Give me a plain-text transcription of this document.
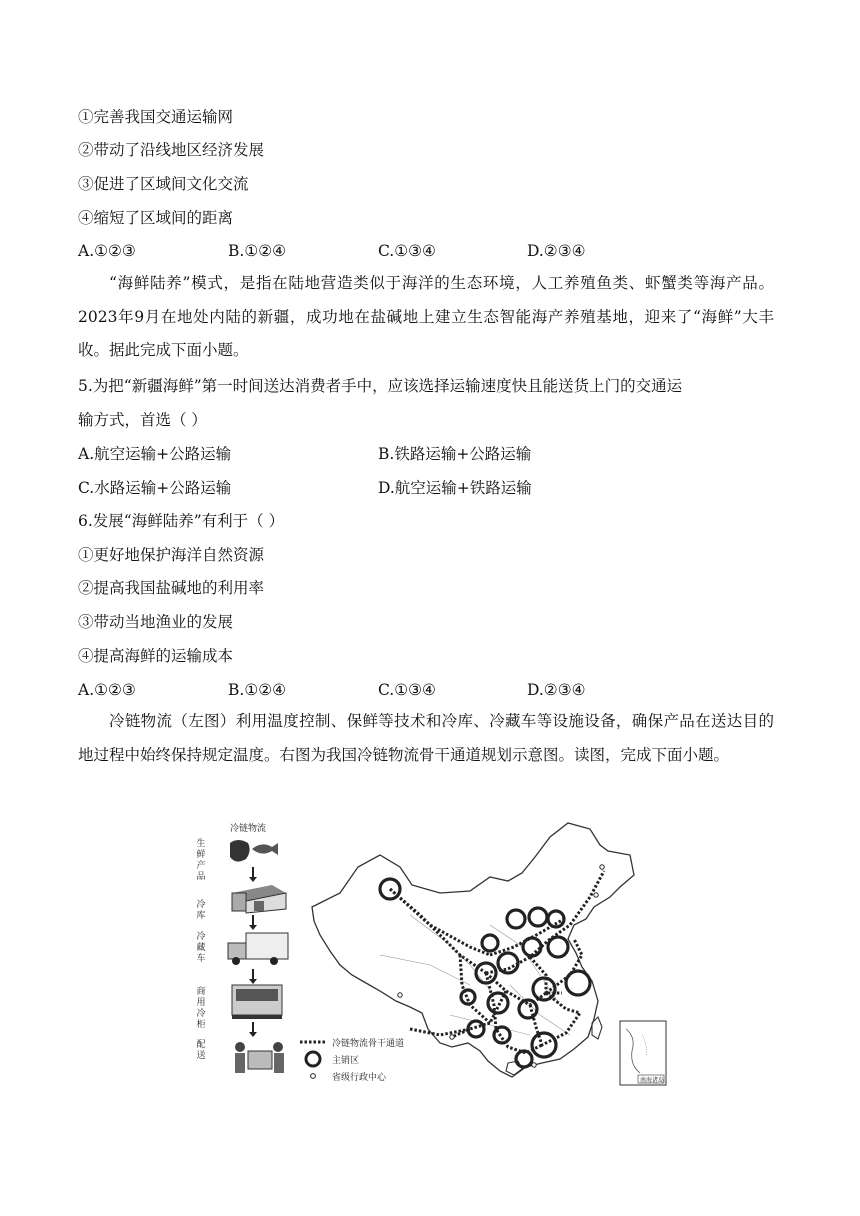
①完善我国交通运输网
②带动了沿线地区经济发展
③促进了区域间文化交流
④缩短了区域间的距离
A.①②③	B.①②④	C.①③④	D.②③④

“海鲜陆养”模式，是指在陆地营造类似于海洋的生态环境，人工养殖鱼类、虾蟹类等海产品。2023年9月在地处内陆的新疆，成功地在盐碱地上建立生态智能海产养殖基地，迎来了“海鲜”大丰收。据此完成下面小题。

5.为把“新疆海鲜”第一时间送达消费者手中，应该选择运输速度快且能送货上门的交通运
输方式，首选（ ）
A.航空运输+公路运输	B.铁路运输+公路运输
C.水路运输+公路运输	D.航空运输+铁路运输
6.发展“海鲜陆养”有利于（ ）
①更好地保护海洋自然资源
②提高我国盐碱地的利用率
③带动当地渔业的发展
④提高海鲜的运输成本
A.①②③	B.①②④	C.①③④	D.②③④

冷链物流（左图）利用温度控制、保鲜等技术和冷库、冷藏车等设施设备，确保产品在送达目的地过程中始终保持规定温度。右图为我国冷链物流骨干通道规划示意图。读图，完成下面小题。

冷链物流
生鲜产品
冷库
冷藏车
商用冷柜
配送
冷链物流骨干通道
主销区
省级行政中心	南海诸岛
